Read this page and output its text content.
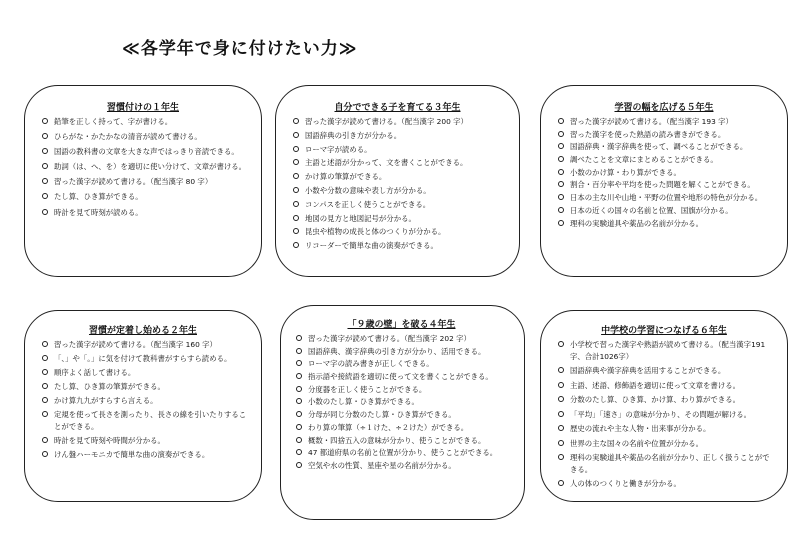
≪各学年で身に付けたい力≫
習慣付けの１年生
鉛筆を正しく持って、字が書ける。
ひらがな・かたかなの清音が読めて書ける。
国語の教科書の文章を大きな声ではっきり音読できる。
助詞（は、へ、を）を適切に使い分けて、文章が書ける。
習った漢字が読めて書ける。（配当漢字 80 字）
たし算、ひき算ができる。
時計を見て時刻が読める。
自分でできる子を育てる３年生
習った漢字が読めて書ける。（配当漢字 200 字）
国語辞典の引き方が分かる。
ローマ字が読める。
主語と述語が分かって、文を書くことができる。
かけ算の筆算ができる。
小数や分数の意味や表し方が分かる。
コンパスを正しく使うことができる。
地図の見方と地図記号が分かる。
昆虫や植物の成長と体のつくりが分かる。
リコーダーで簡単な曲の演奏ができる。
学習の幅を広げる５年生
習った漢字が読めて書ける。（配当漢字 193 字）
習った漢字を使った熟語の読み書きができる。
国語辞典・漢字辞典を使って、調べることができる。
調べたことを文章にまとめることができる。
小数のかけ算・わり算ができる。
割合・百分率や平均を使った問題を解くことができる。
日本の主な川や山地・平野の位置や地形の特色が分かる。
日本の近くの国々の名前と位置、国旗が分かる。
理科の実験道具や薬品の名前が分かる。
習慣が定着し始める２年生
習った漢字が読めて書ける。（配当漢字 160 字）
「、」や「。」に気を付けて教科書がすらすら読める。
順序よく話して書ける。
たし算、ひき算の筆算ができる。
かけ算九九がすらすら言える。
定規を使って長さを測ったり、長さの線を引いたりすることができる。
時計を見て時刻や時間が分かる。
けん盤ハーモニカで簡単な曲の演奏ができる。
「９歳の壁」を破る４年生
習った漢字が読めて書ける。（配当漢字 202 字）
国語辞典、漢字辞典の引き方が分かり、活用できる。
ローマ字の読み書きが正しくできる。
指示語や接続語を適切に使って文を書くことができる。
分度器を正しく使うことができる。
小数のたし算・ひき算ができる。
分母が同じ分数のたし算・ひき算ができる。
わり算の筆算（÷１けた、÷２けた）ができる。
概数・四捨五入の意味が分かり、使うことができる。
47 都道府県の名前と位置が分かり、使うことができる。
空気や水の性質、星座や星の名前が分かる。
中学校の学習につなげる６年生
小学校で習った漢字や熟語が読めて書ける。（配当漢字191字、合計1026字）
国語辞典や漢字辞典を活用することができる。
主語、述語、修飾語を適切に使って文章を書ける。
分数のたし算、ひき算、かけ算、わり算ができる。
「平均」「速さ」の意味が分かり、その問題が解ける。
歴史の流れや主な人物・出来事が分かる。
世界の主な国々の名前や位置が分かる。
理科の実験道具や薬品の名前が分かり、正しく扱うことができる。
人の体のつくりと働きが分かる。
